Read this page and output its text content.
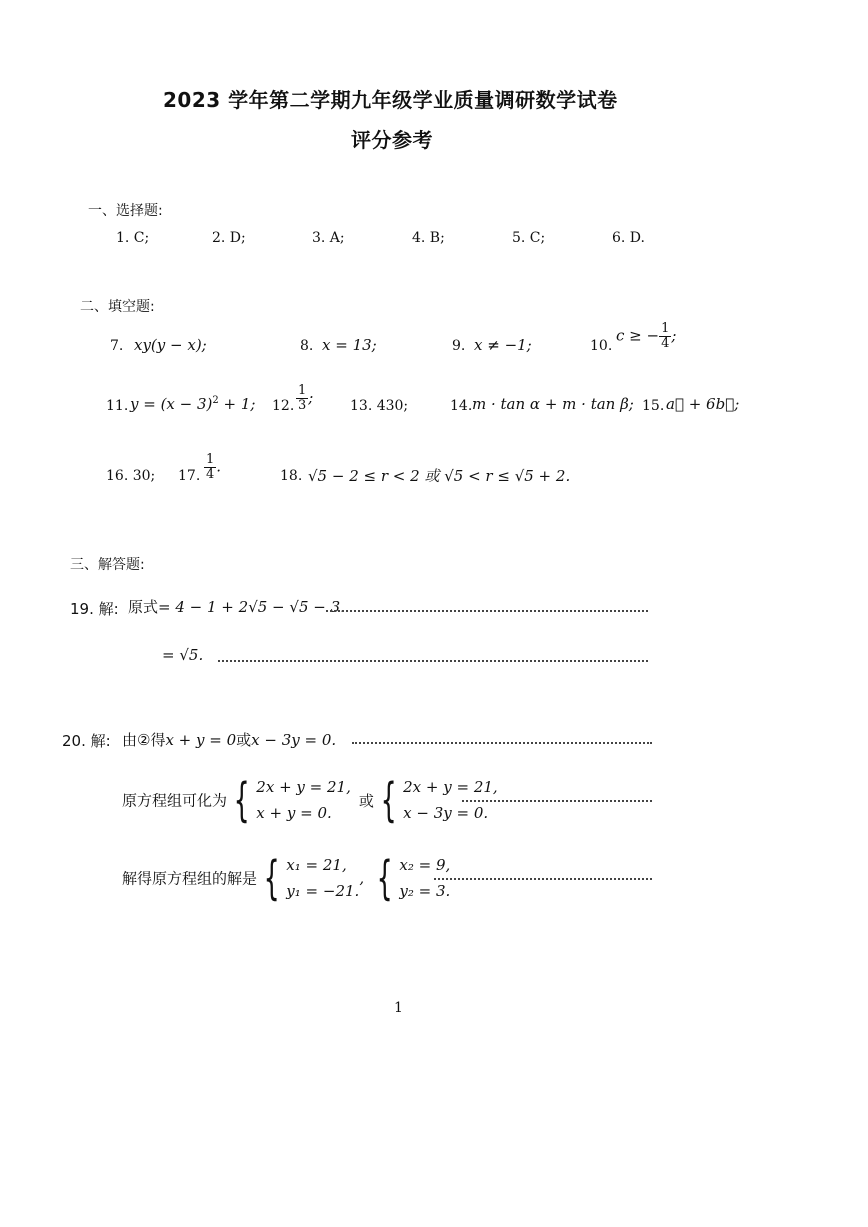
2023 学年第二学期九年级学业质量调研数学试卷
评分参考
一、选择题:
1. C;	2. D;	3. A;	4. B;	5. C;	6. D.
二、填空题:
7. xy(y − x);	8. x = 13;	9. x ≠ −1;	10.
c ≥ − $\frac{1}{4}$ ;
11. $y = (x - 3)^2 + 1$; 12. $\frac{1}{3}$ ;	13. 430;	14. m · tan α + m · tan β; 15. a⃗ + 6b⃗;
16. 30; 17. $\frac{1}{4}$ .
18. √5 − 2 ≤ r < 2 或 √5 < r ≤ √5 + 2.
三、解答题:
19. 解: 原式= 4 − 1 + 2√5 − √5 − 3.
= √5.
20. 解: 由②得x + y = 0或x − 3y = 0.
原方程组可化为 { 2x + y = 21,
x + y = 0.
或 { 2x + y = 21,
x − 3y = 0.
解得原方程组的解是 { x₁ = 21,
y₁ = −21.
, { x₂ = 9,
y₂ = 3.
1
